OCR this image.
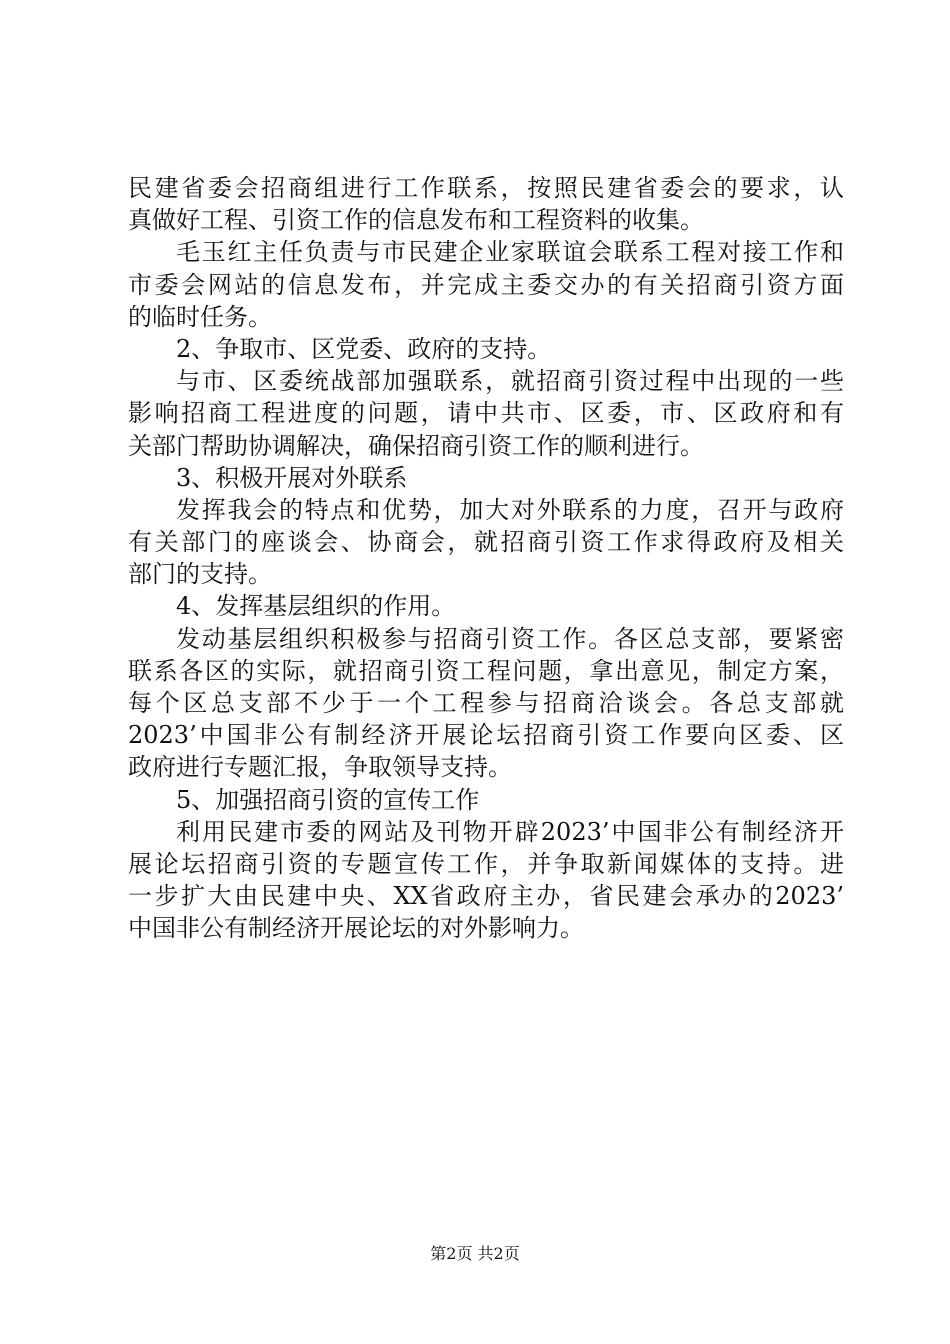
民建省委会招商组进行工作联系，按照民建省委会的要求，认
真做好工程、引资工作的信息发布和工程资料的收集。
毛玉红主任负责与市民建企业家联谊会联系工程对接工作和
市委会网站的信息发布，并完成主委交办的有关招商引资方面
的临时任务。
2、争取市、区党委、政府的支持。
与市、区委统战部加强联系，就招商引资过程中出现的一些
影响招商工程进度的问题，请中共市、区委，市、区政府和有
关部门帮助协调解决，确保招商引资工作的顺利进行。
3、积极开展对外联系
发挥我会的特点和优势，加大对外联系的力度，召开与政府
有关部门的座谈会、协商会，就招商引资工作求得政府及相关
部门的支持。
4、发挥基层组织的作用。
发动基层组织积极参与招商引资工作。各区总支部，要紧密
联系各区的实际，就招商引资工程问题，拿出意见，制定方案，
每个区总支部不少于一个工程参与招商洽谈会。各总支部就
2023’中国非公有制经济开展论坛招商引资工作要向区委、区
政府进行专题汇报，争取领导支持。
5、加强招商引资的宣传工作
利用民建市委的网站及刊物开辟2023’中国非公有制经济开
展论坛招商引资的专题宣传工作，并争取新闻媒体的支持。进
一步扩大由民建中央、XX省政府主办，省民建会承办的2023’
中国非公有制经济开展论坛的对外影响力。
第2页 共2页
